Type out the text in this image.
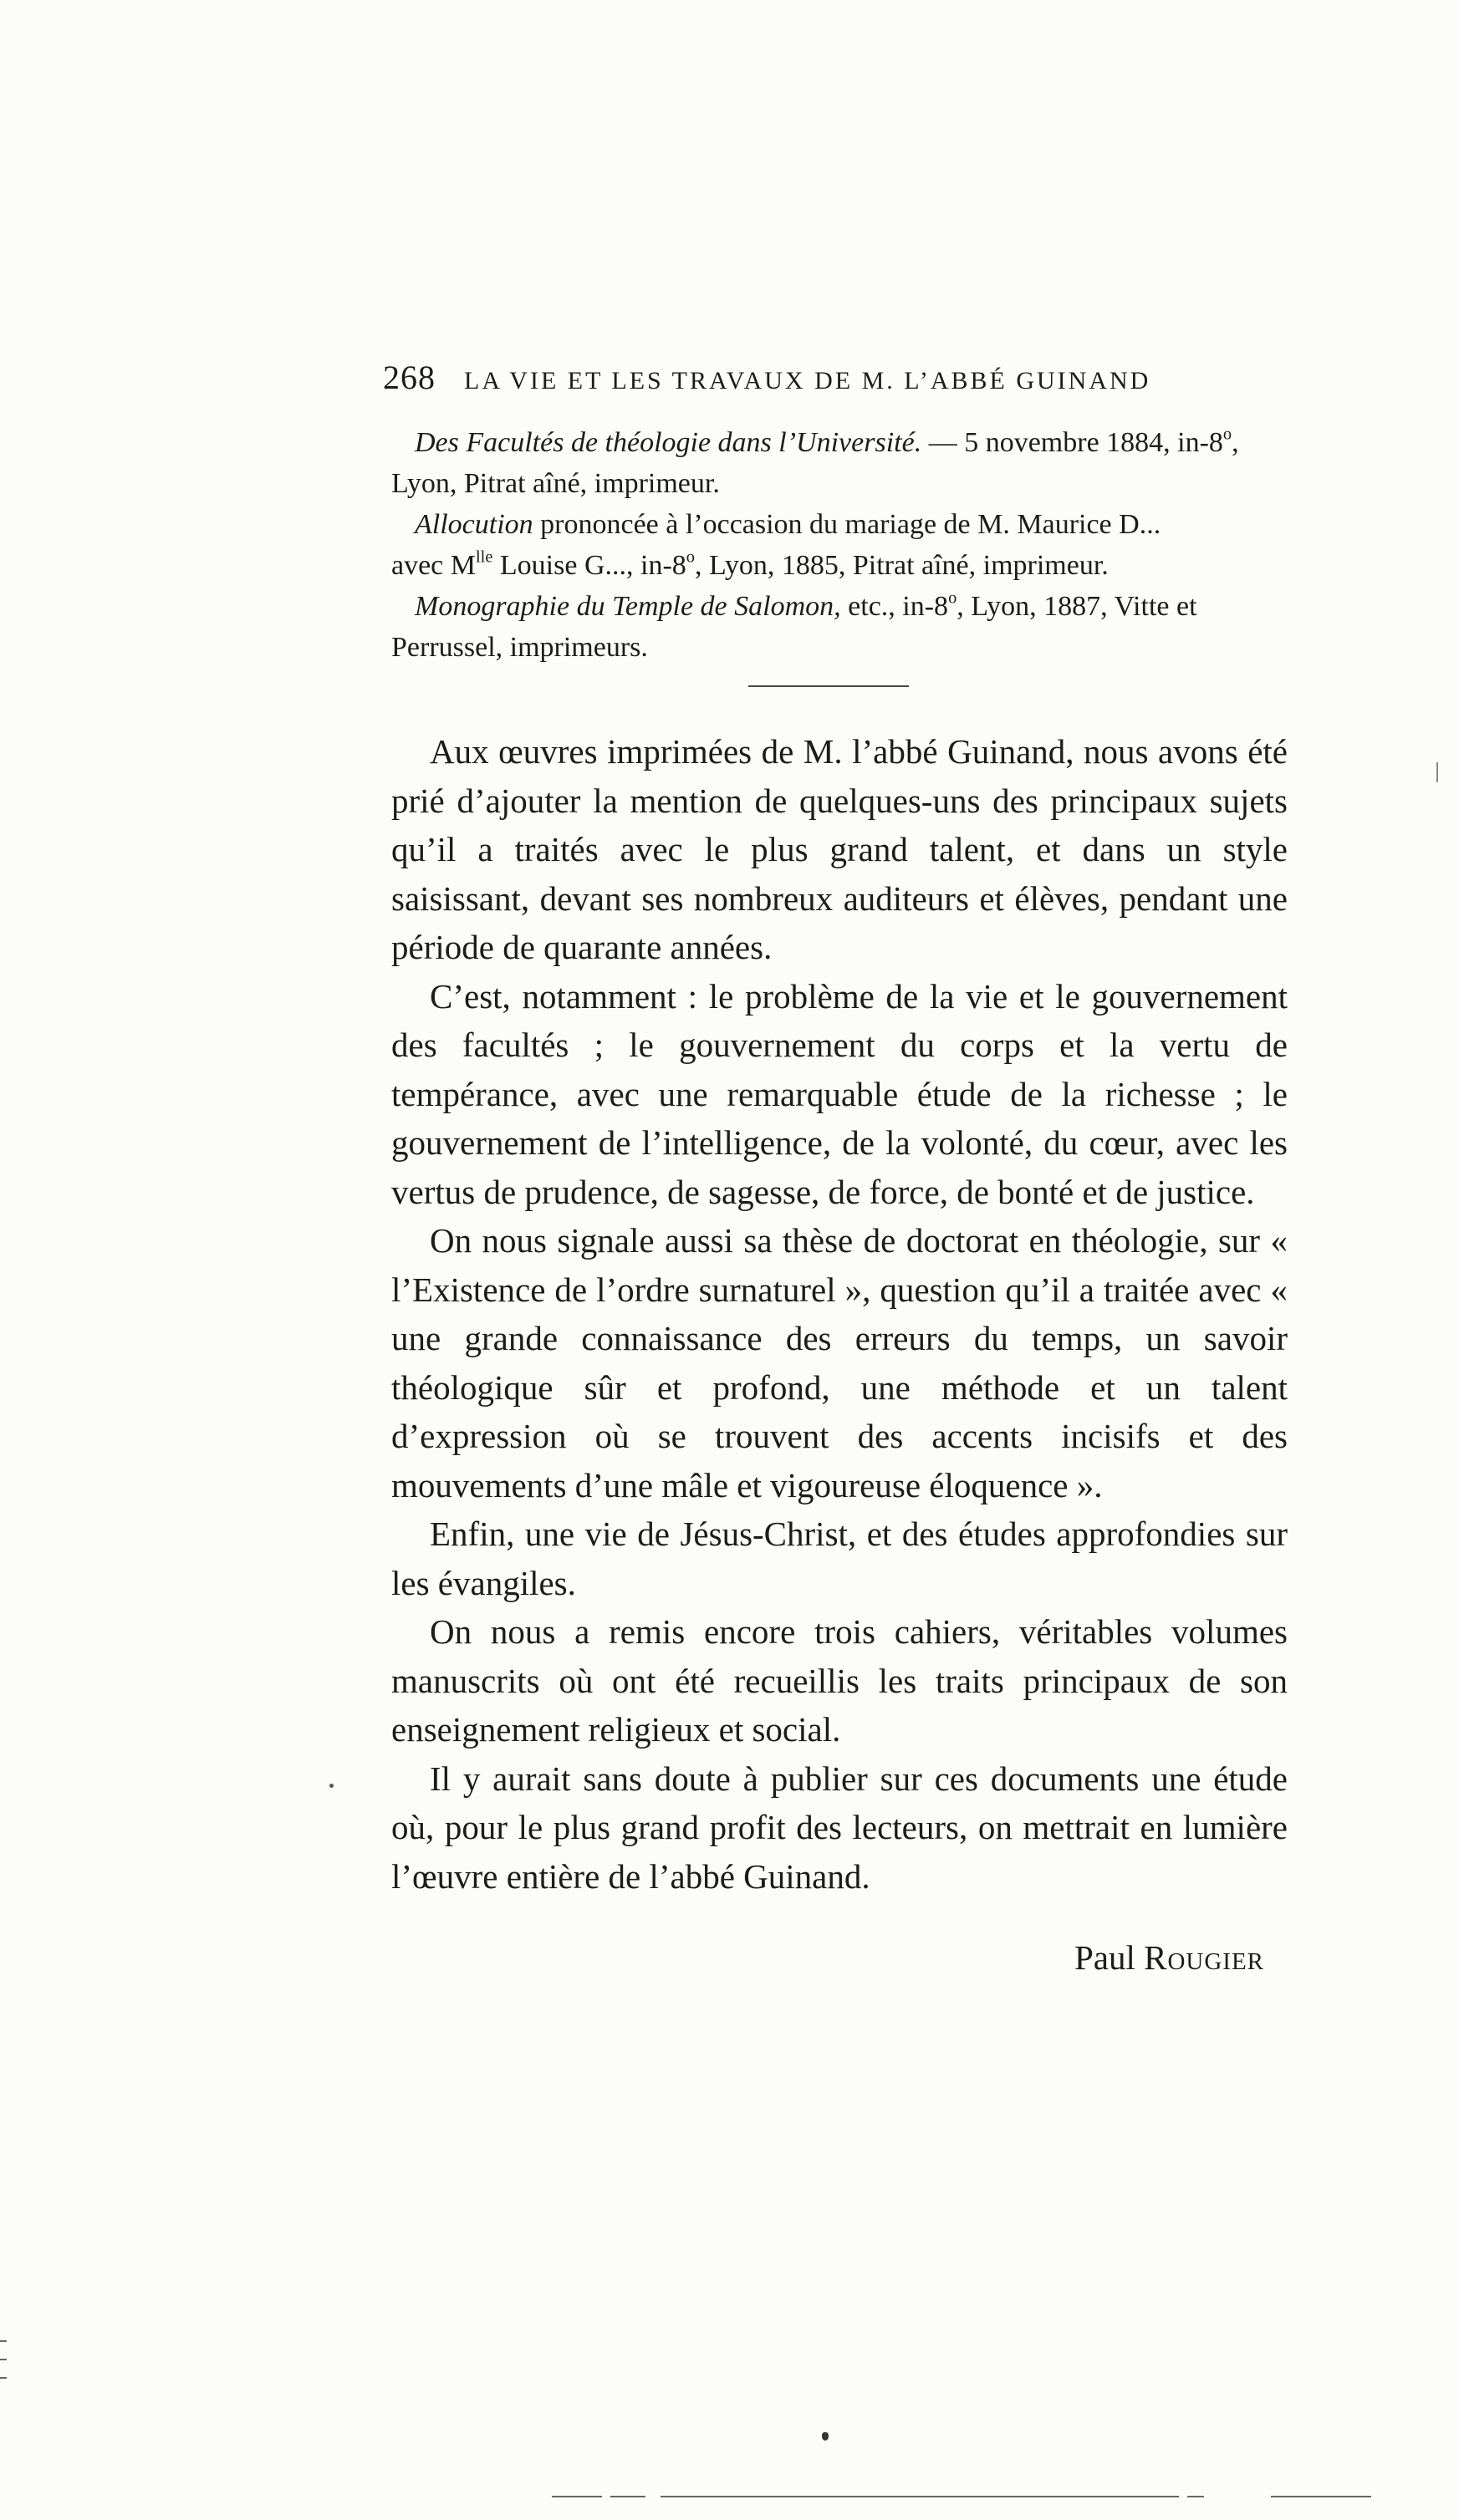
268 LA VIE ET LES TRAVAUX DE M. L’ABBÉ GUINAND

Des Facultés de théologie dans l’Université. — 5 novembre 1884, in-8$^o$,

Lyon, Pitrat aîné, imprimeur.

Allocution prononcée à l’occasion du mariage de M. Maurice D...

avec $M^{lle}$ Louise G..., in-8$^o$, Lyon, 1885, Pitrat aîné, imprimeur.

Monographie du Temple de Salomon, etc., in-8$^o$, Lyon, 1887, Vitte et

Perrussel, imprimeurs.

Aux œuvres imprimées de M. l’abbé Guinand, nous avons été prié d’ajouter la mention de quelques-uns des principaux sujets qu’il a traités avec le plus grand talent, et dans un style saisissant, devant ses nombreux auditeurs et élèves, pendant une période de quarante années.

C’est, notamment : le problème de la vie et le gouvernement des facultés ; le gouvernement du corps et la vertu de tempérance, avec une remarquable étude de la richesse ; le gouvernement de l’intelligence, de la volonté, du cœur, avec les vertus de prudence, de sagesse, de force, de bonté et de justice.

On nous signale aussi sa thèse de doctorat en théologie, sur « l’Existence de l’ordre surnaturel », question qu’il a traitée avec « une grande connaissance des erreurs du temps, un savoir théologique sûr et profond, une méthode et un talent d’expression où se trouvent des accents incisifs et des mouvements d’une mâle et vigoureuse éloquence ».

Enfin, une vie de Jésus-Christ, et des études approfondies sur les évangiles.

On nous a remis encore trois cahiers, véritables volumes manuscrits où ont été recueillis les traits principaux de son enseignement religieux et social.

Il y aurait sans doute à publier sur ces documents une étude où, pour le plus grand profit des lecteurs, on mettrait en lumière l’œuvre entière de l’abbé Guinand.

Paul Rougier
